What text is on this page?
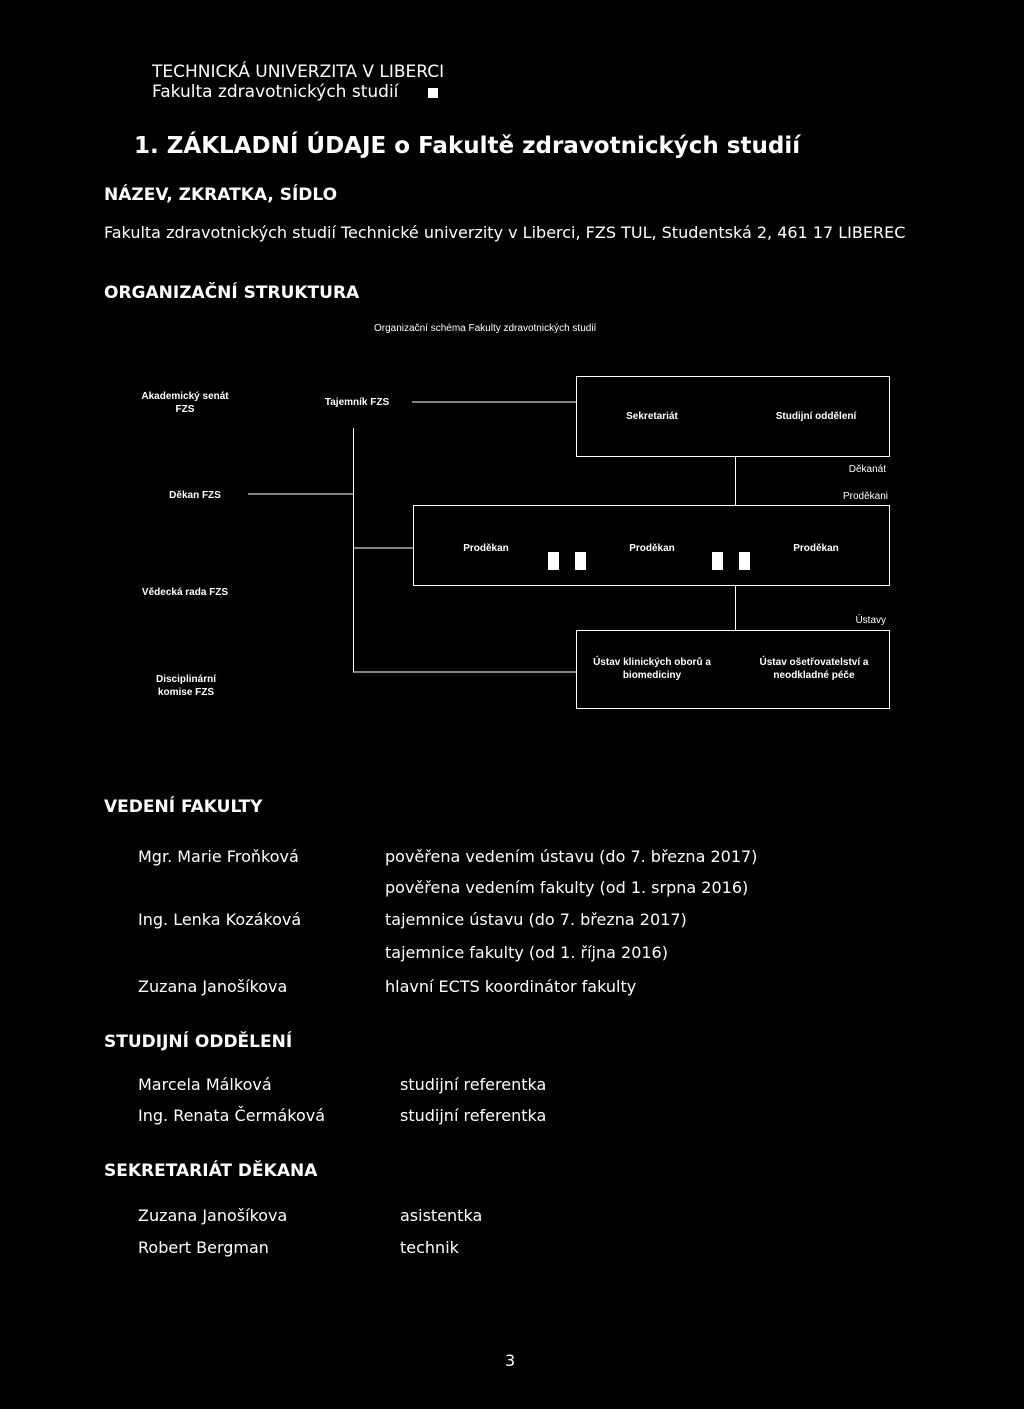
TECHNICKÁ UNIVERZITA V LIBERCI
Fakulta zdravotnických studií
1. ZÁKLADNÍ ÚDAJE o Fakultě zdravotnických studií
NÁZEV, ZKRATKA, SÍDLO
Fakulta zdravotnických studií Technické univerzity v Liberci, FZS TUL, Studentská 2, 461 17 LIBEREC
ORGANIZAČNÍ STRUKTURA
Organizační schéma Fakulty zdravotnických studií
Akademický senát FZS
Tajemník FZS
Děkan FZS
Vědecká rada FZS
Disciplinární komise FZS
Děkanát
Sekretariát	Studijní oddělení
Proděkani
Proděkan	Proděkan	Proděkan
Ústavy
Ústav klinických oborů a biomediciny
Ústav ošetřovatelství a neodkladné péče
VEDENÍ FAKULTY
Mgr. Marie Froňková	pověřena vedením ústavu (do 7. března 2017)
pověřena vedením fakulty (od 1. srpna 2016)
Ing. Lenka Kozáková	tajemnice ústavu (do 7. března 2017)
tajemnice fakulty (od 1. října 2016)
Zuzana Janošíkova	hlavní ECTS koordinátor fakulty
STUDIJNÍ ODDĚLENÍ
Marcela Málková	studijní referentka
Ing. Renata Čermáková	studijní referentka
SEKRETARIÁT DĚKANA
Zuzana Janošíkova	asistentka
Robert Bergman	technik
3
